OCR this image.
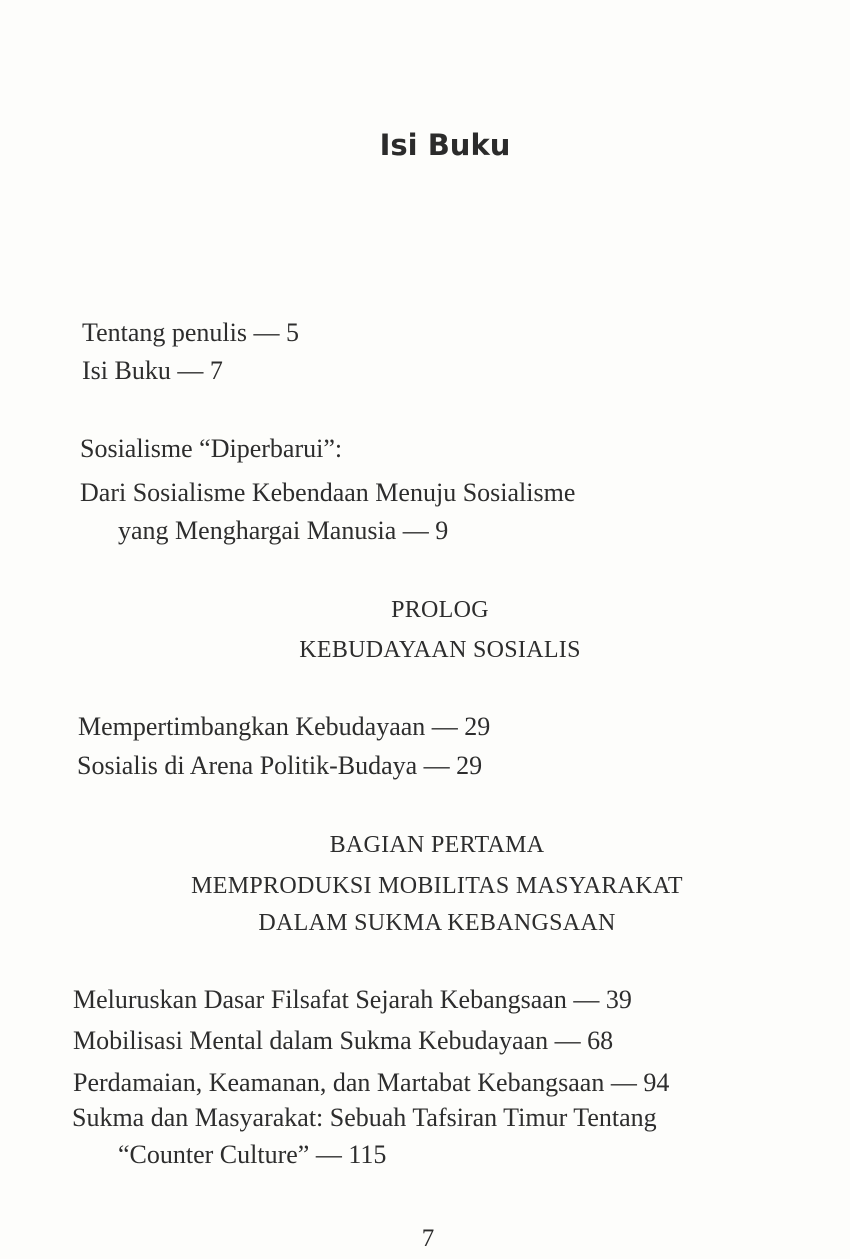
Isi Buku
Tentang penulis — 5
Isi Buku — 7
Sosialisme “Diperbarui”:
Dari Sosialisme Kebendaan Menuju Sosialisme
yang Menghargai Manusia — 9
PROLOG
KEBUDAYAAN SOSIALIS
Mempertimbangkan Kebudayaan — 29
Sosialis di Arena Politik-Budaya — 29
BAGIAN PERTAMA
MEMPRODUKSI MOBILITAS MASYARAKAT
DALAM SUKMA KEBANGSAAN
Meluruskan Dasar Filsafat Sejarah Kebangsaan — 39
Mobilisasi Mental dalam Sukma Kebudayaan — 68
Perdamaian, Keamanan, dan Martabat Kebangsaan — 94
Sukma dan Masyarakat: Sebuah Tafsiran Timur Tentang
“Counter Culture” — 115
7
